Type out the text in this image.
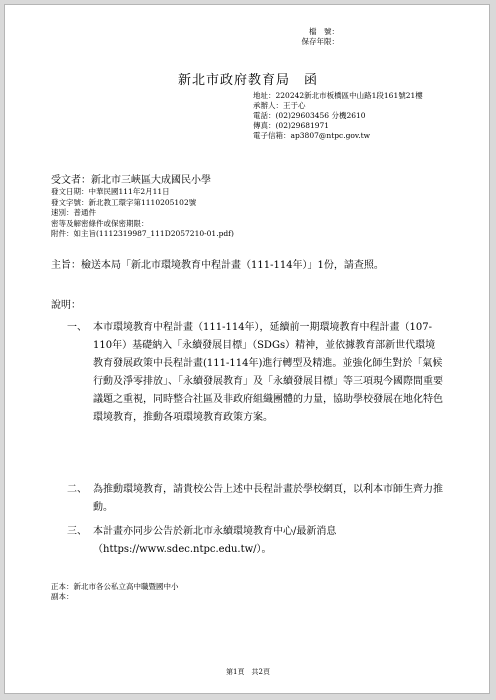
檔　號：
保存年限：
新北市政府教育局　函
地址：220242新北市板橋區中山路1段161號21樓
承辦人：王于心
電話：(02)29603456 分機2610
傳真：(02)29681971
電子信箱：ap3807@ntpc.gov.tw
受文者：新北市三峽區大成國民小學
發文日期：中華民國111年2月11日
發文字號：新北教工環字第1110205102號
速別：普通件
密等及解密條件或保密期限：
附件：如主旨(1112319987_111D2057210-01.pdf)
主旨： 檢送本局「新北市環境教育中程計畫（111-114年）」1份，請查照。
說明：
一、 本市環境教育中程計畫（111-114年），延續前一期環境教育中程計畫（107-110年）基礎納入「永續發展目標」（SDGs）精神，並依據教育部新世代環境教育發展政策中長程計畫(111-114年)進行轉型及精進。並強化師生對於「氣候行動及淨零排放」、「永續發展教育」及「永續發展目標」等三項現今國際間重要議題之重視，同時整合社區及非政府組織團體的力量，協助學校發展在地化特色環境教育，推動各項環境教育政策方案。
二、 為推動環境教育，請貴校公告上述中長程計畫於學校網頁，以利本市師生齊力推動。
三、 本計畫亦同步公告於新北市永續環境教育中心/最新消息（https://www.sdec.ntpc.edu.tw/）。
正本：新北市各公私立高中職暨國中小
副本：
第1頁　共2頁
